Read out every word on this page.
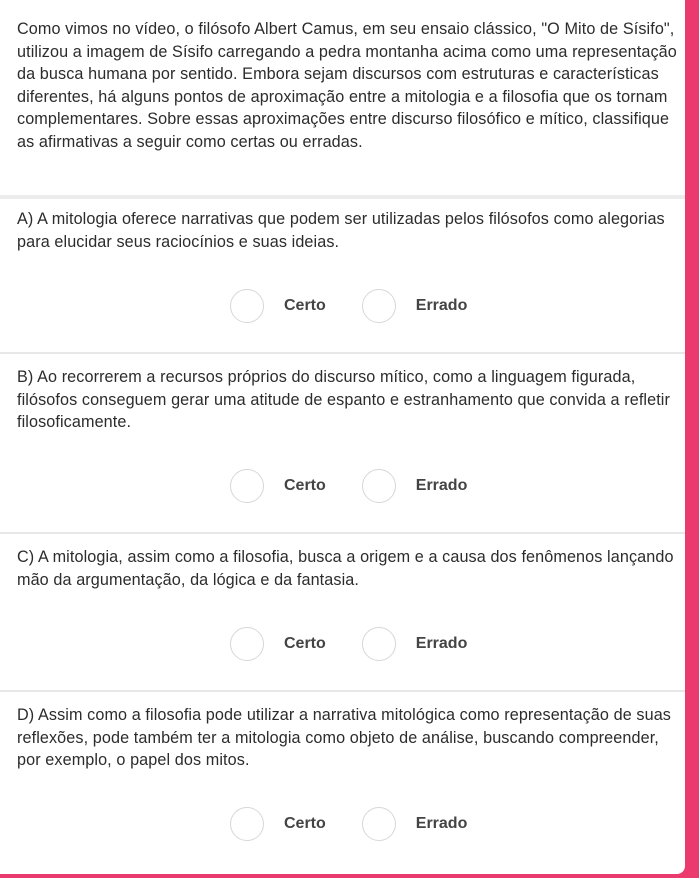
Como vimos no vídeo, o filósofo Albert Camus, em seu ensaio clássico, "O Mito de Sísifo", utilizou a imagem de Sísifo carregando a pedra montanha acima como uma representação da busca humana por sentido. Embora sejam discursos com estruturas e características diferentes, há alguns pontos de aproximação entre a mitologia e a filosofia que os tornam complementares. Sobre essas aproximações entre discurso filosófico e mítico, classifique as afirmativas a seguir como certas ou erradas.
A) A mitologia oferece narrativas que podem ser utilizadas pelos filósofos como alegorias para elucidar seus raciocínios e suas ideias.
Certo	Errado
B) Ao recorrerem a recursos próprios do discurso mítico, como a linguagem figurada, filósofos conseguem gerar uma atitude de espanto e estranhamento que convida a refletir filosoficamente.
Certo	Errado
C) A mitologia, assim como a filosofia, busca a origem e a causa dos fenômenos lançando mão da argumentação, da lógica e da fantasia.
Certo	Errado
D) Assim como a filosofia pode utilizar a narrativa mitológica como representação de suas reflexões, pode também ter a mitologia como objeto de análise, buscando compreender, por exemplo, o papel dos mitos.
Certo	Errado
